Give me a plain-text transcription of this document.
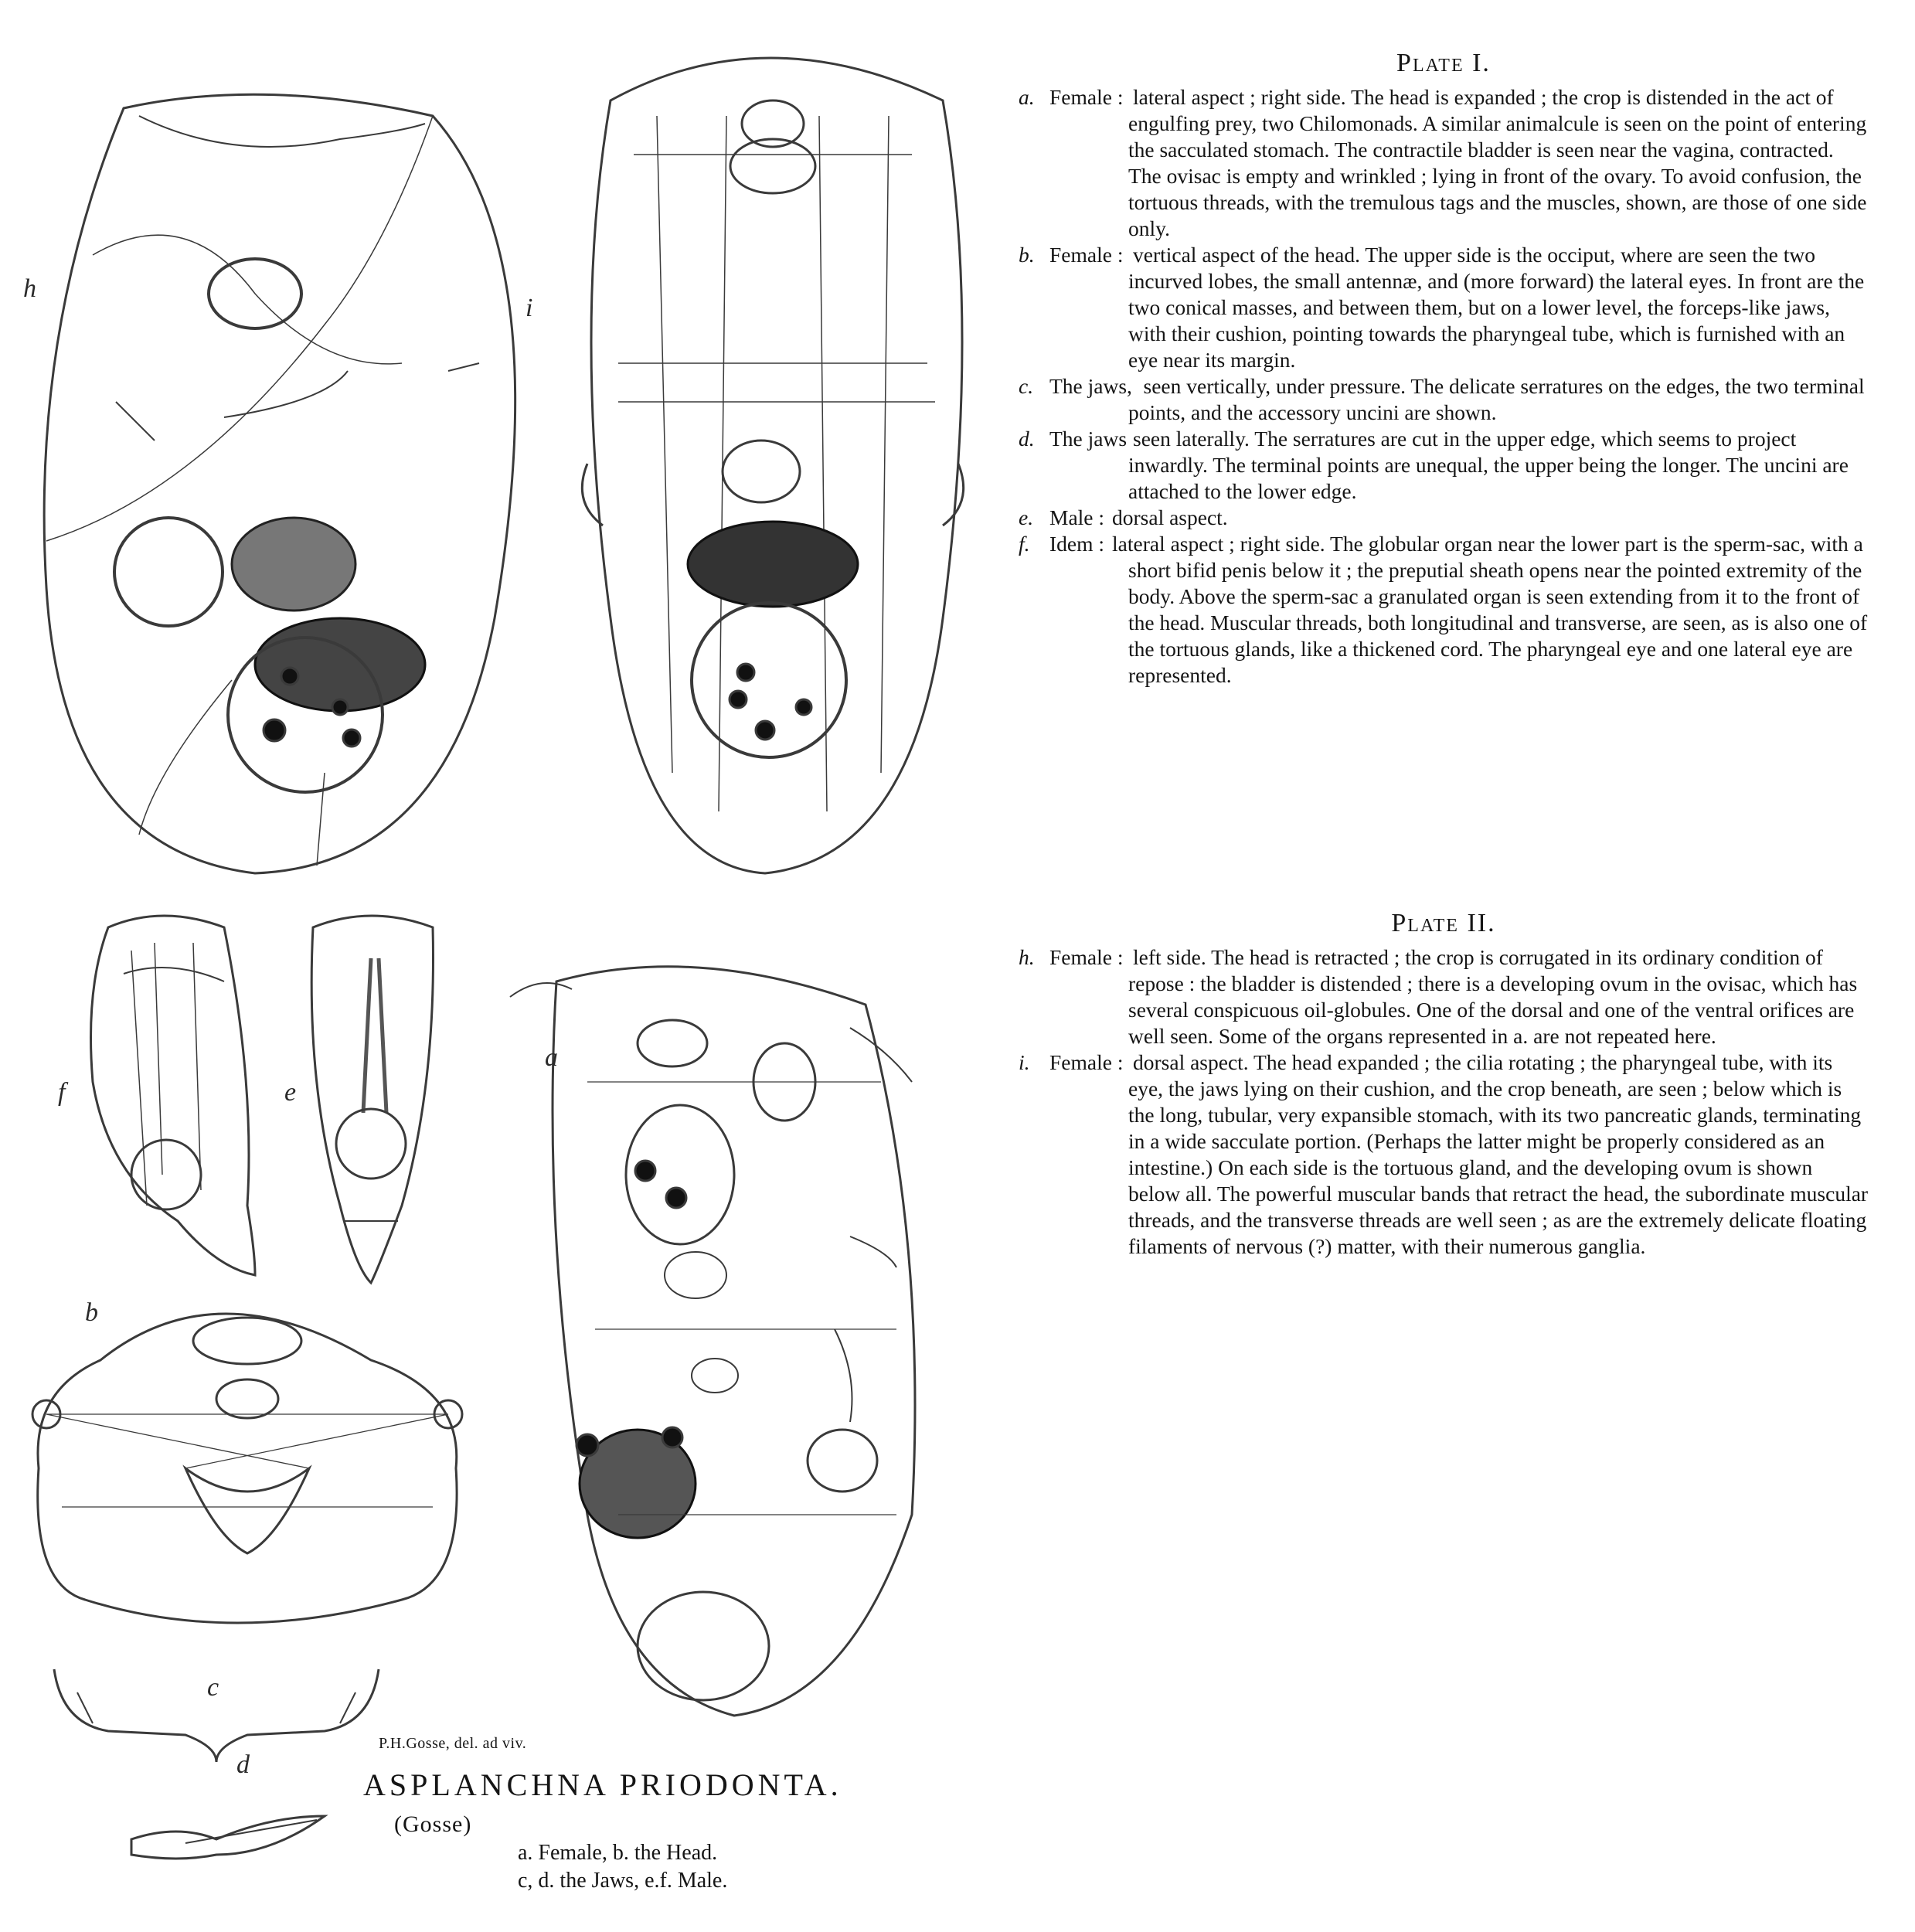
h
i
f	e
a
b
c
d
P.H.Gosse, del. ad viv.
ASPLANCHNA PRIODONTA.(Gosse)
a. Female, b. the Head.
c, d. the Jaws, e.f. Male.
Plate I.

a. Female : lateral aspect ; right side. The head is expanded ; the crop is distended in the act of engulfing prey, two Chilomonads. A similar animalcule is seen on the point of entering the sacculated stomach. The contractile bladder is seen near the vagina, contracted. The ovisac is empty and wrinkled ; lying in front of the ovary. To avoid confusion, the tortuous threads, with the tremulous tags and the muscles, shown, are those of one side only.

b. Female : vertical aspect of the head. The upper side is the occiput, where are seen the two incurved lobes, the small antennæ, and (more forward) the lateral eyes. In front are the two conical masses, and between them, but on a lower level, the forceps-like jaws, with their cushion, pointing towards the pharyngeal tube, which is furnished with an eye near its margin.

c. The jaws, seen vertically, under pressure. The delicate serratures on the edges, the two terminal points, and the accessory uncini are shown.

d. The jaws seen laterally. The serratures are cut in the upper edge, which seems to project inwardly. The terminal points are unequal, the upper being the longer. The uncini are attached to the lower edge.

e. Male : dorsal aspect.

f. Idem : lateral aspect ; right side. The globular organ near the lower part is the sperm-sac, with a short bifid penis below it ; the preputial sheath opens near the pointed extremity of the body. Above the sperm-sac a granulated organ is seen extending from it to the front of the head. Muscular threads, both longitudinal and transverse, are seen, as is also one of the tortuous glands, like a thickened cord. The pharyngeal eye and one lateral eye are represented.

Plate II.

h. Female : left side. The head is retracted ; the crop is corrugated in its ordinary condition of repose : the bladder is distended ; there is a developing ovum in the ovisac, which has several conspicuous oil-globules. One of the dorsal and one of the ventral orifices are well seen. Some of the organs represented in a. are not repeated here.

i. Female : dorsal aspect. The head expanded ; the cilia rotating ; the pharyngeal tube, with its eye, the jaws lying on their cushion, and the crop beneath, are seen ; below which is the long, tubular, very expansible stomach, with its two pancreatic glands, terminating in a wide sacculate portion. (Perhaps the latter might be properly considered as an intestine.) On each side is the tortuous gland, and the developing ovum is shown below all. The powerful muscular bands that retract the head, the subordinate muscular threads, and the transverse threads are well seen ; as are the extremely delicate floating filaments of nervous (?) matter, with their numerous ganglia.
